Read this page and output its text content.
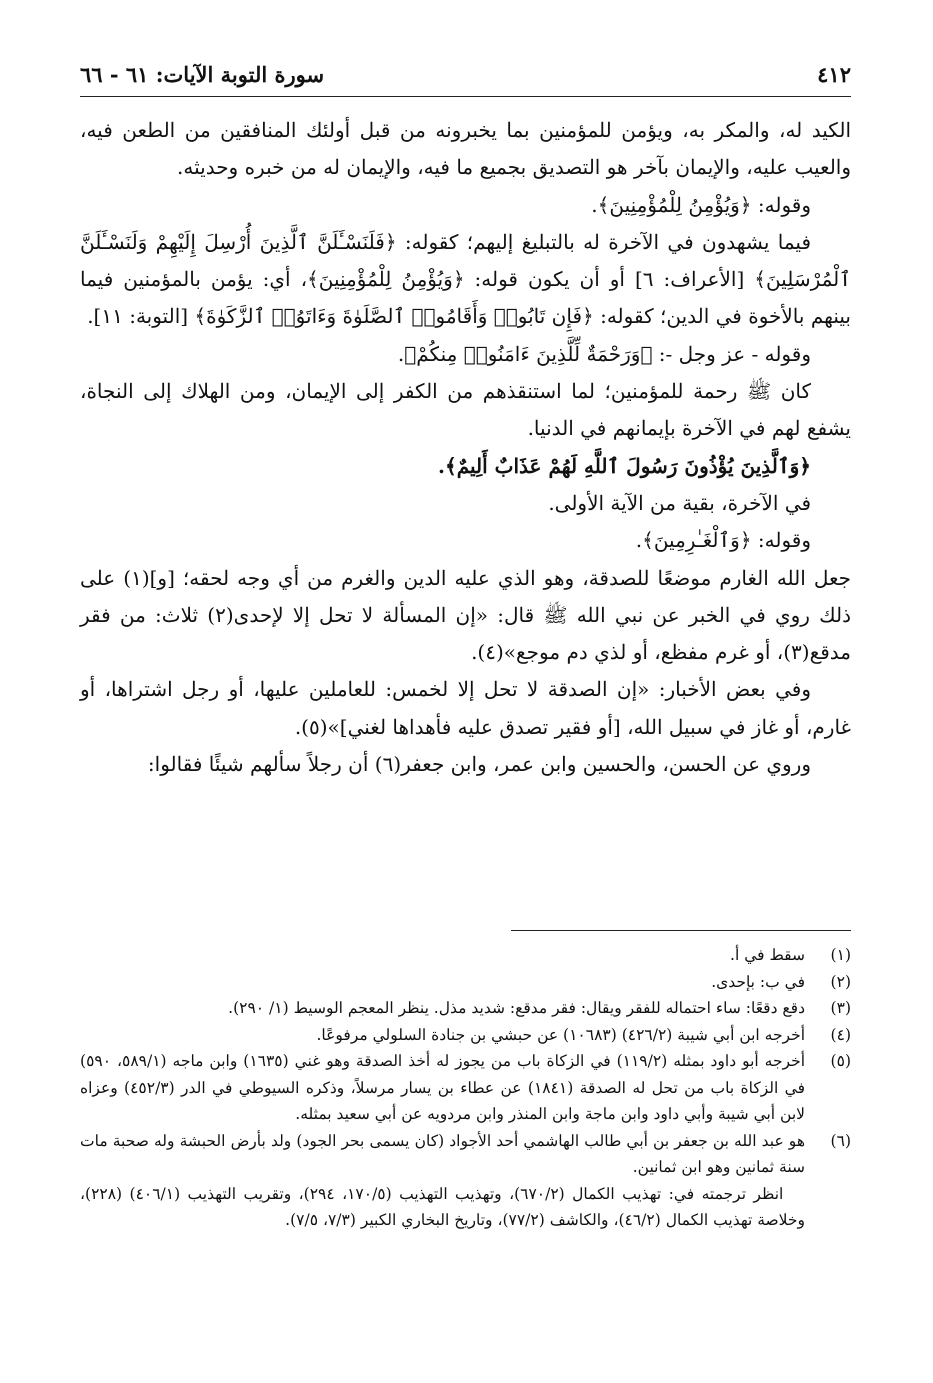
٤١٢
سورة التوبة الآيات: ٦١ - ٦٦

الكيد له، والمكر به، ويؤمن للمؤمنين بما يخبرونه من قبل أولئك المنافقين من الطعن فيه، والعيب عليه، والإيمان بآخر هو التصديق بجميع ما فيه، والإيمان له من خبره وحديثه.

وقوله: ﴿وَيُؤْمِنُ لِلْمُؤْمِنِينَ﴾.

فيما يشهدون في الآخرة له بالتبليغ إليهم؛ كقوله: ﴿فَلَنَسْـَٔلَنَّ ٱلَّذِينَ أُرْسِلَ إِلَيْهِمْ وَلَنَسْـَٔلَنَّ ٱلْمُرْسَلِينَ﴾ [الأعراف: ٦] أو أن يكون قوله: ﴿وَيُؤْمِنُ لِلْمُؤْمِنِينَ﴾، أي: يؤمن بالمؤمنين فيما بينهم بالأخوة في الدين؛ كقوله: ﴿فَإِن تَابُوا۟ وَأَقَامُوا۟ ٱلصَّلَوٰةَ وَءَاتَوُا۟ ٱلزَّكَوٰةَ﴾ [التوبة: ١١].

وقوله - عز وجل -: ﴿وَرَحْمَةٌ لِّلَّذِينَ ءَامَنُوا۟ مِنكُمْ﴾.

كان ﷺ رحمة للمؤمنين؛ لما استنقذهم من الكفر إلى الإيمان، ومن الهلاك إلى النجاة، يشفع لهم في الآخرة بإيمانهم في الدنيا.

﴿وَٱلَّذِينَ يُؤْذُونَ رَسُولَ ٱللَّهِ لَهُمْ عَذَابٌ أَلِيمٌ﴾.

في الآخرة، بقية من الآية الأولى.

وقوله: ﴿وَٱلْغَـٰرِمِينَ﴾.

جعل الله الغارم موضعًا للصدقة، وهو الذي عليه الدين والغرم من أي وجه لحقه؛ [و](١) على ذلك روي في الخبر عن نبي الله ﷺ قال: «إن المسألة لا تحل إلا لإحدى(٢) ثلاث: من فقر مدقع(٣)، أو غرم مفظع، أو لذي دم موجع»(٤).

وفي بعض الأخبار: «إن الصدقة لا تحل إلا لخمس: للعاملين عليها، أو رجل اشتراها، أو غارم، أو غاز في سبيل الله، [أو فقير تصدق عليه فأهداها لغني]»(٥).

وروي عن الحسن، والحسين وابن عمر، وابن جعفر(٦) أن رجلاً سألهم شيئًا فقالوا:

(١)
سقط في أ.
(٢)
في ب: بإحدى.
(٣)
دقع دقعًا: ساء احتماله للفقر ويقال: فقر مدقع: شديد مذل. ينظر المعجم الوسيط (١/ ٢٩٠).
(٤)
أخرجه ابن أبي شيبة (٤٢٦/٢) (١٠٦٨٣) عن حبشي بن جنادة السلولي مرفوعًا.
(٥)
أخرجه أبو داود بمثله (١١٩/٢) في الزكاة باب من يجوز له أخذ الصدقة وهو غني (١٦٣٥) وابن ماجه (٥٨٩/١، ٥٩٠) في الزكاة باب من تحل له الصدقة (١٨٤١) عن عطاء بن يسار مرسلاً، وذكره السيوطي في الدر (٤٥٢/٣) وعزاه لابن أبي شيبة وأبي داود وابن ماجة وابن المنذر وابن مردويه عن أبي سعيد بمثله.
(٦)
هو عبد الله بن جعفر بن أبي طالب الهاشمي أحد الأجواد (كان يسمى بحر الجود) ولد بأرض الحبشة وله صحبة مات سنة ثمانين وهو ابن ثمانين.
انظر ترجمته في: تهذيب الكمال (٦٧٠/٢)، وتهذيب التهذيب (١٧٠/٥، ٢٩٤)، وتقريب التهذيب (٤٠٦/١) (٢٢٨)، وخلاصة تهذيب الكمال (٤٦/٢)، والكاشف (٧٧/٢)، وتاريخ البخاري الكبير (٧/٣، ٧/٥).
